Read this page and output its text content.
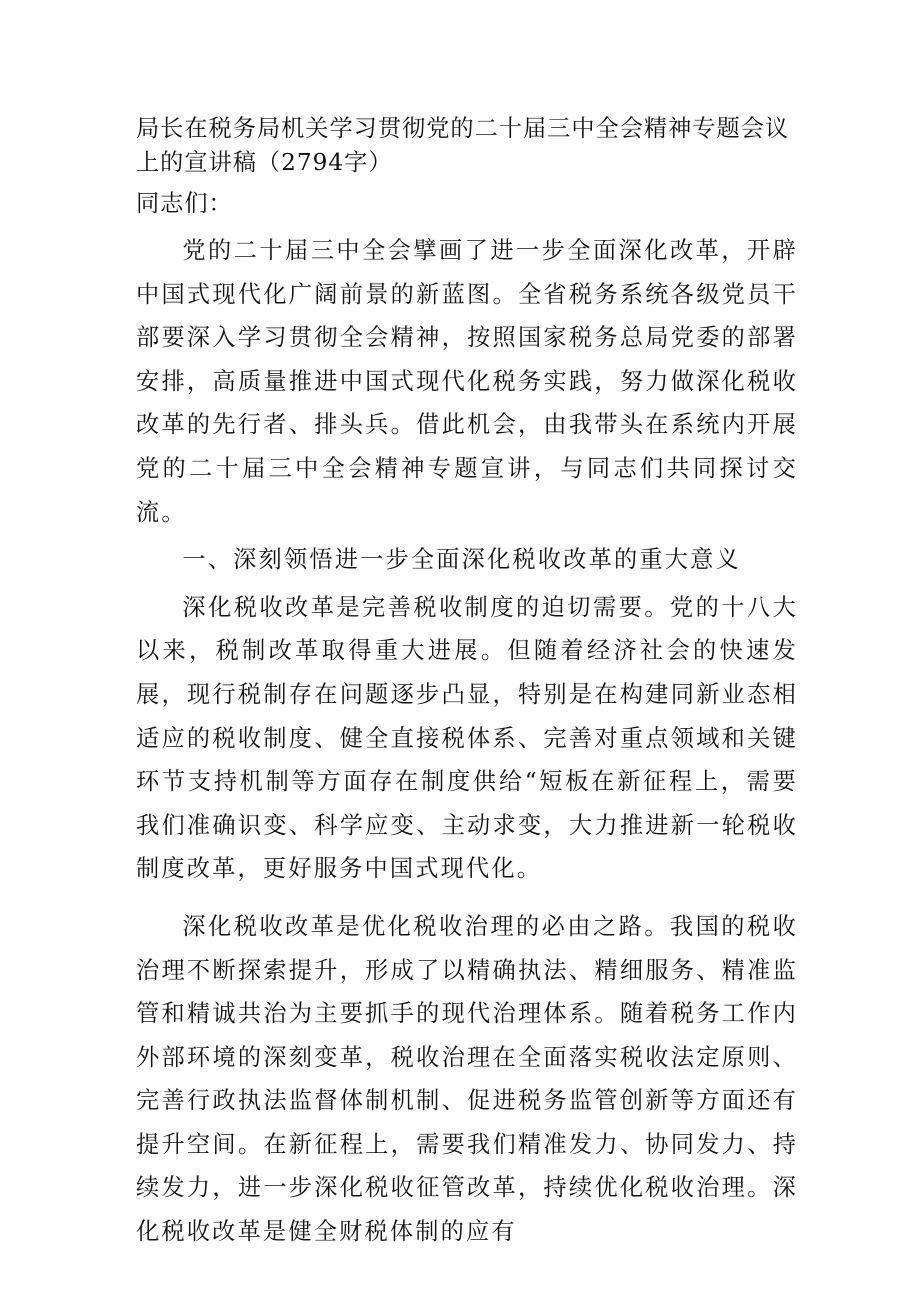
局长在税务局机关学习贯彻党的二十届三中全会精神专题会议上的宣讲稿（2794字）

同志们：

党的二十届三中全会擘画了进一步全面深化改革，开辟中国式现代化广阔前景的新蓝图。全省税务系统各级党员干部要深入学习贯彻全会精神，按照国家税务总局党委的部署安排，高质量推进中国式现代化税务实践，努力做深化税收改革的先行者、排头兵。借此机会，由我带头在系统内开展党的二十届三中全会精神专题宣讲，与同志们共同探讨交流。

一、深刻领悟进一步全面深化税收改革的重大意义

深化税收改革是完善税收制度的迫切需要。党的十八大以来，税制改革取得重大进展。但随着经济社会的快速发展，现行税制存在问题逐步凸显，特别是在构建同新业态相适应的税收制度、健全直接税体系、完善对重点领域和关键环节支持机制等方面存在制度供给“短板在新征程上，需要我们准确识变、科学应变、主动求变，大力推进新一轮税收制度改革，更好服务中国式现代化。

深化税收改革是优化税收治理的必由之路。我国的税收治理不断探索提升，形成了以精确执法、精细服务、精准监管和精诚共治为主要抓手的现代治理体系。随着税务工作内外部环境的深刻变革，税收治理在全面落实税收法定原则、完善行政执法监督体制机制、促进税务监管创新等方面还有提升空间。在新征程上，需要我们精准发力、协同发力、持续发力，进一步深化税收征管改革，持续优化税收治理。深化税收改革是健全财税体制的应有
